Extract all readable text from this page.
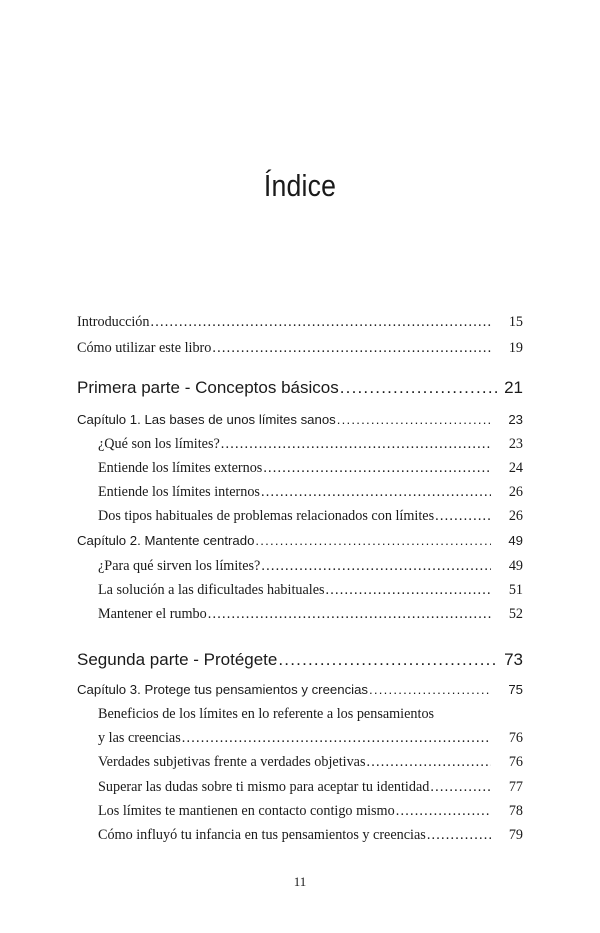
Índice
Introducción .....	15
Cómo utilizar este libro .....	19
Primera parte - Conceptos básicos .....	21
Capítulo 1. Las bases de unos límites sanos .....	23
¿Qué son los límites? .....	23
Entiende los límites externos .....	24
Entiende los límites internos .....	26
Dos tipos habituales de problemas relacionados con límites .....	26
Capítulo 2. Mantente centrado .....	49
¿Para qué sirven los límites? .....	49
La solución a las dificultades habituales .....	51
Mantener el rumbo .....	52
Segunda parte - Protégete .....	73
Capítulo 3. Protege tus pensamientos y creencias .....	75
Beneficios de los límites en lo referente a los pensamientos
y las creencias .....	76
Verdades subjetivas frente a verdades objetivas .....	76
Superar las dudas sobre ti mismo para aceptar tu identidad .....	77
Los límites te mantienen en contacto contigo mismo .....	78
Cómo influyó tu infancia en tus pensamientos y creencias .....	79
11
